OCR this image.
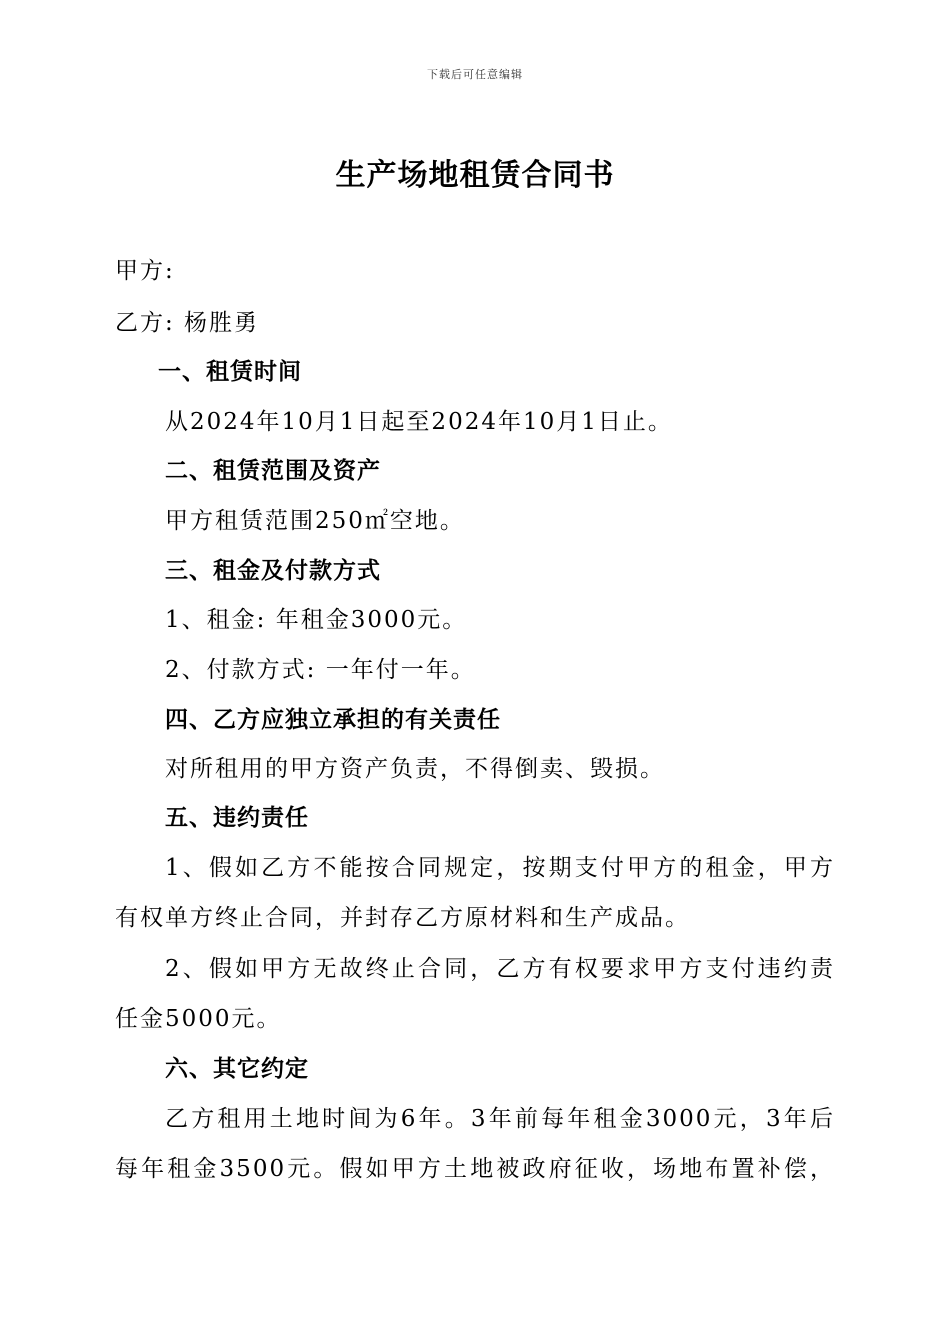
下载后可任意编辑
生产场地租赁合同书
甲方:
乙方: 杨胜勇
一、租赁时间
从2024年10月1日起至2024年10月1日止。
二、租赁范围及资产
甲方租赁范围250㎡空地。
三、租金及付款方式
1、租金: 年租金3000元。
2、付款方式: 一年付一年。
四、乙方应独立承担的有关责任
对所租用的甲方资产负责，不得倒卖、毁损。
五、违约责任
1、假如乙方不能按合同规定，按期支付甲方的租金，甲方
有权单方终止合同，并封存乙方原材料和生产成品。
2、假如甲方无故终止合同，乙方有权要求甲方支付违约责
任金5000元。
六、其它约定
乙方租用土地时间为6年。3年前每年租金3000元，3年后
每年租金3500元。假如甲方土地被政府征收，场地布置补偿，
